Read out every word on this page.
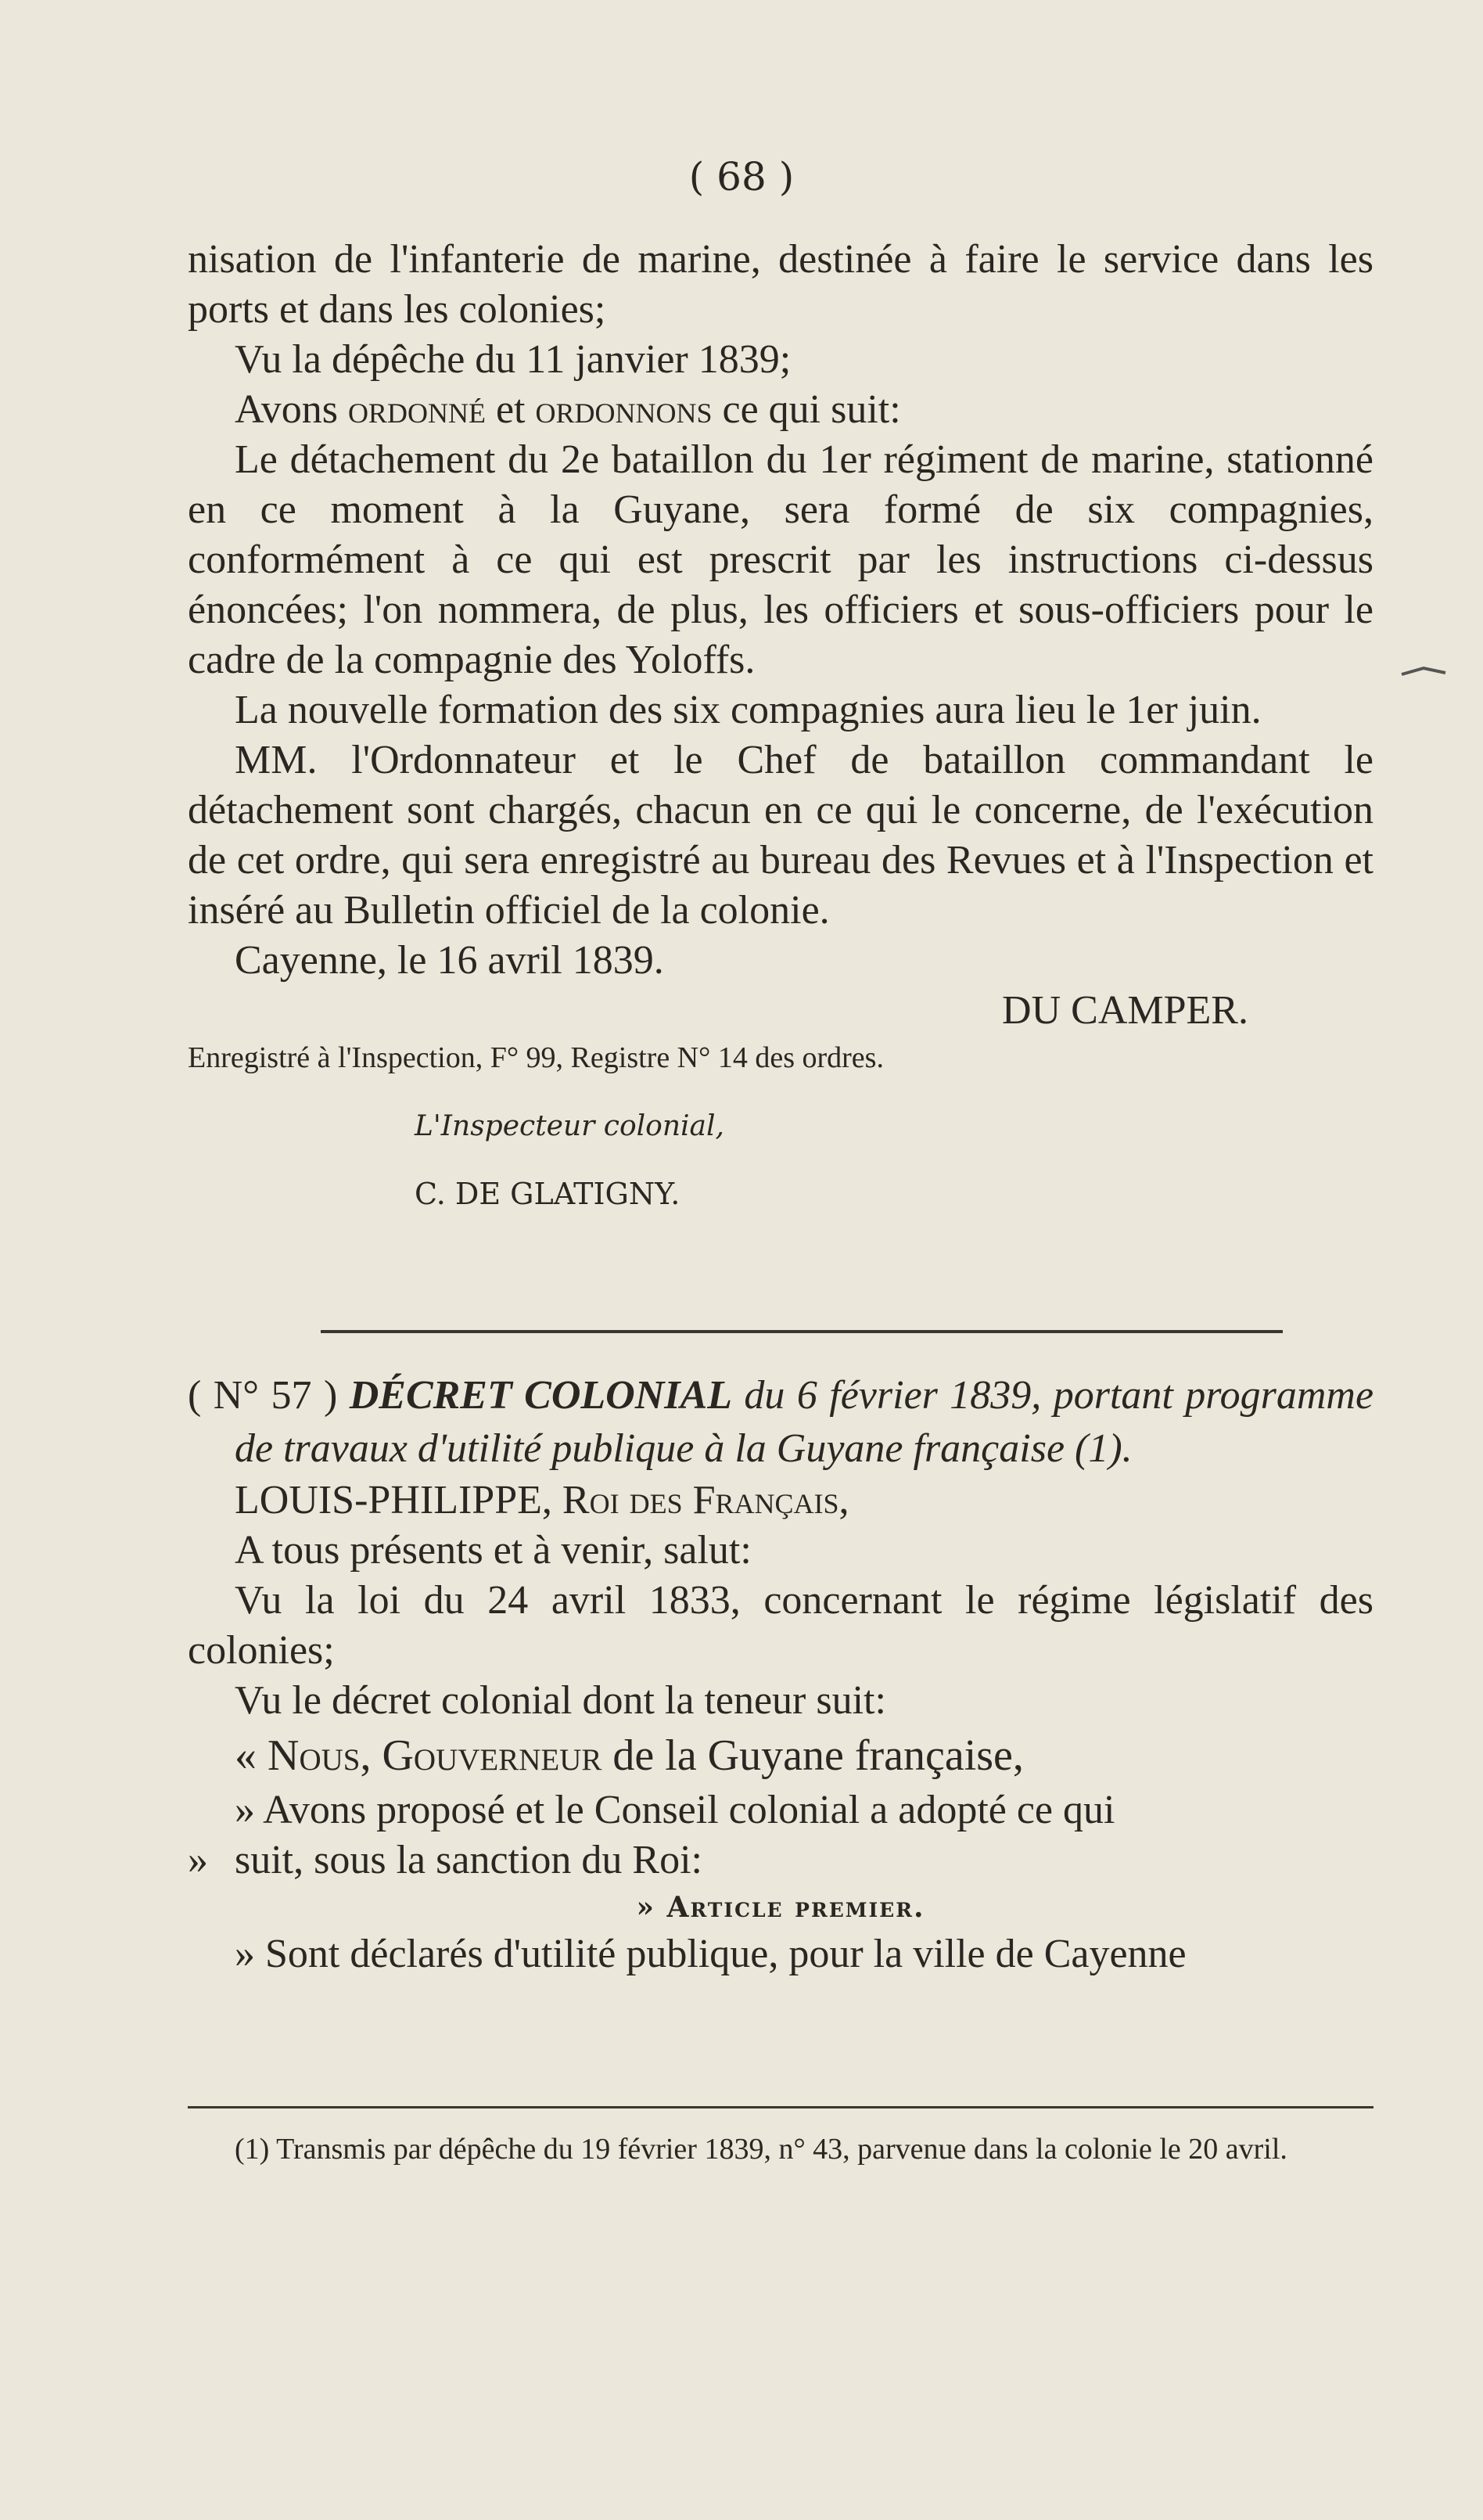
( 68 )

nisation de l'infanterie de marine, destinée à faire le service dans les ports et dans les colonies;

Vu la dépêche du 11 janvier 1839;

Avons ordonné et ordonnons ce qui suit:

Le détachement du 2e bataillon du 1er régiment de marine, stationné en ce moment à la Guyane, sera formé de six compagnies, conformément à ce qui est prescrit par les instructions ci-dessus énoncées; l'on nommera, de plus, les officiers et sous-officiers pour le cadre de la compagnie des Yoloffs.

La nouvelle formation des six compagnies aura lieu le 1er juin.

MM. l'Ordonnateur et le Chef de bataillon commandant le détachement sont chargés, chacun en ce qui le concerne, de l'exécution de cet ordre, qui sera enregistré au bureau des Revues et à l'Inspection et inséré au Bulletin officiel de la colonie.

Cayenne, le 16 avril 1839.

DU CAMPER.

Enregistré à l'Inspection, F° 99, Registre N° 14 des ordres.

L'Inspecteur colonial,

C. DE GLATIGNY.

( N° 57 ) DÉCRET COLONIAL du 6 février 1839, portant programme de travaux d'utilité publique à la Guyane française (1).

LOUIS-PHILIPPE, Roi des Français,

A tous présents et à venir, salut:

Vu la loi du 24 avril 1833, concernant le régime législatif des colonies;

Vu le décret colonial dont la teneur suit:

« Nous, Gouverneur de la Guyane française,

» Avons proposé et le Conseil colonial a adopté ce qui

» suit, sous la sanction du Roi:

» Article premier.

» Sont déclarés d'utilité publique, pour la ville de Cayenne

(1) Transmis par dépêche du 19 février 1839, n° 43, parvenue dans la colonie le 20 avril.
